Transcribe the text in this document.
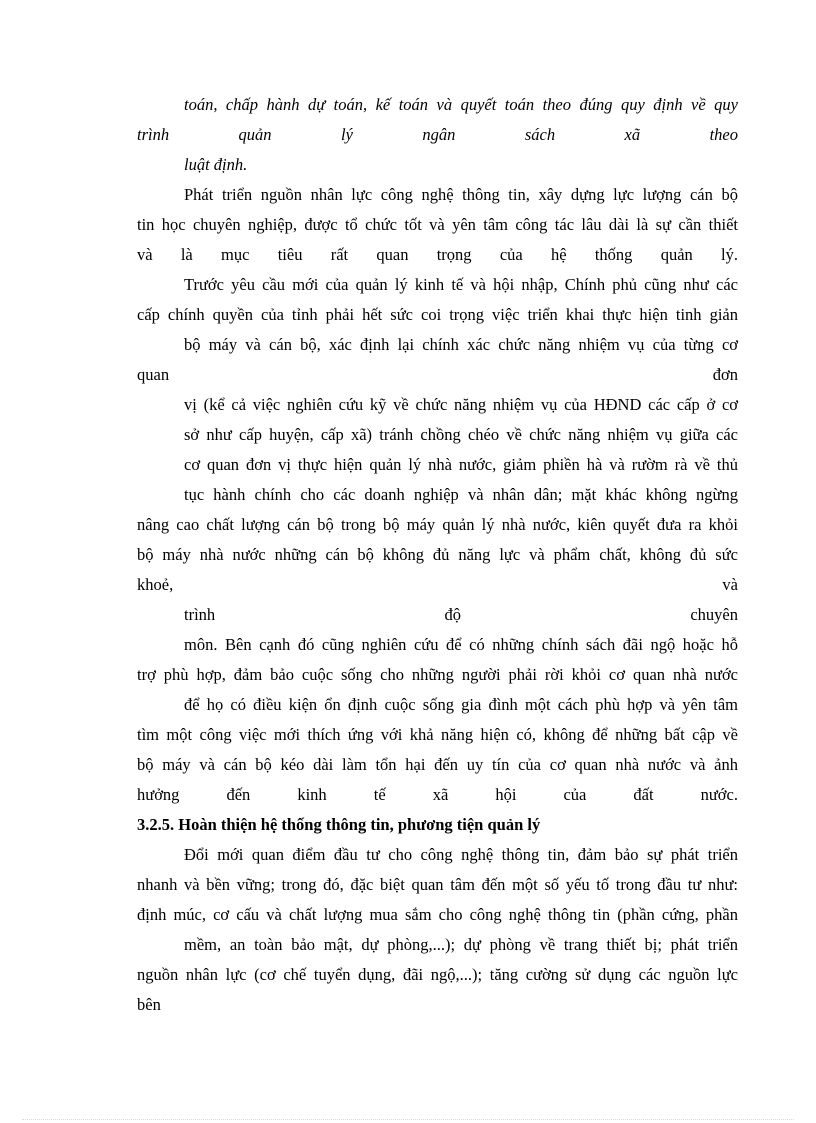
toán, chấp hành dự toán, kế toán và quyết toán theo đúng quy định về quy
trình quản lý ngân sách xã theo
luật định.
Phát triển nguồn nhân lực công nghệ thông tin, xây dựng lực lượng cán bộ
tin học chuyên nghiệp, được tổ chức tốt và yên tâm công tác lâu dài là sự cần thiết
và là mục tiêu rất quan trọng của hệ thống quản lý.
Trước yêu cầu mới của quản lý kinh tế và hội nhập, Chính phủ cũng như các
cấp chính quyền của tỉnh phải hết sức coi trọng việc triển khai thực hiện tinh giản
bộ máy và cán bộ, xác định lại chính xác chức năng nhiệm vụ của từng cơ
quan đơn
vị (kể cả việc nghiên cứu kỹ về chức năng nhiệm vụ của HĐND các cấp ở cơ
sở như cấp huyện, cấp xã) tránh chồng chéo về chức năng nhiệm vụ giữa các
cơ quan đơn vị thực hiện quản lý nhà nước, giảm phiền hà và rườm rà về thủ
tục hành chính cho các doanh nghiệp và nhân dân; mặt khác không ngừng
nâng cao chất lượng cán bộ trong bộ máy quản lý nhà nước, kiên quyết đưa ra khỏi
bộ máy nhà nước những cán bộ không đủ năng lực và phẩm chất, không đủ sức
khoẻ, và
trình độ chuyên
môn. Bên cạnh đó cũng nghiên cứu để có những chính sách đãi ngộ hoặc hỗ
trợ phù hợp, đảm bảo cuộc sống cho những người phải rời khỏi cơ quan nhà nước
để họ có điều kiện ổn định cuộc sống gia đình một cách phù hợp và yên tâm
tìm một công việc mới thích ứng với khả năng hiện có, không để những bất cập về
bộ máy và cán bộ kéo dài làm tổn hại đến uy tín của cơ quan nhà nước và ảnh
hưởng đến kinh tế xã hội của đất nước.
3.2.5. Hoàn thiện hệ thống thông tin, phương tiện quản lý
Đổi mới quan điểm đầu tư cho công nghệ thông tin, đảm bảo sự phát triển
nhanh và bền vững; trong đó, đặc biệt quan tâm đến một số yếu tố trong đầu tư như:
định múc, cơ cấu và chất lượng mua sắm cho công nghệ thông tin (phần cứng, phần
mềm, an toàn bảo mật, dự phòng,...); dự phòng về trang thiết bị; phát triển
nguồn nhân lực (cơ chế tuyển dụng, đãi ngộ,...); tăng cường sử dụng các nguồn lực
bên
